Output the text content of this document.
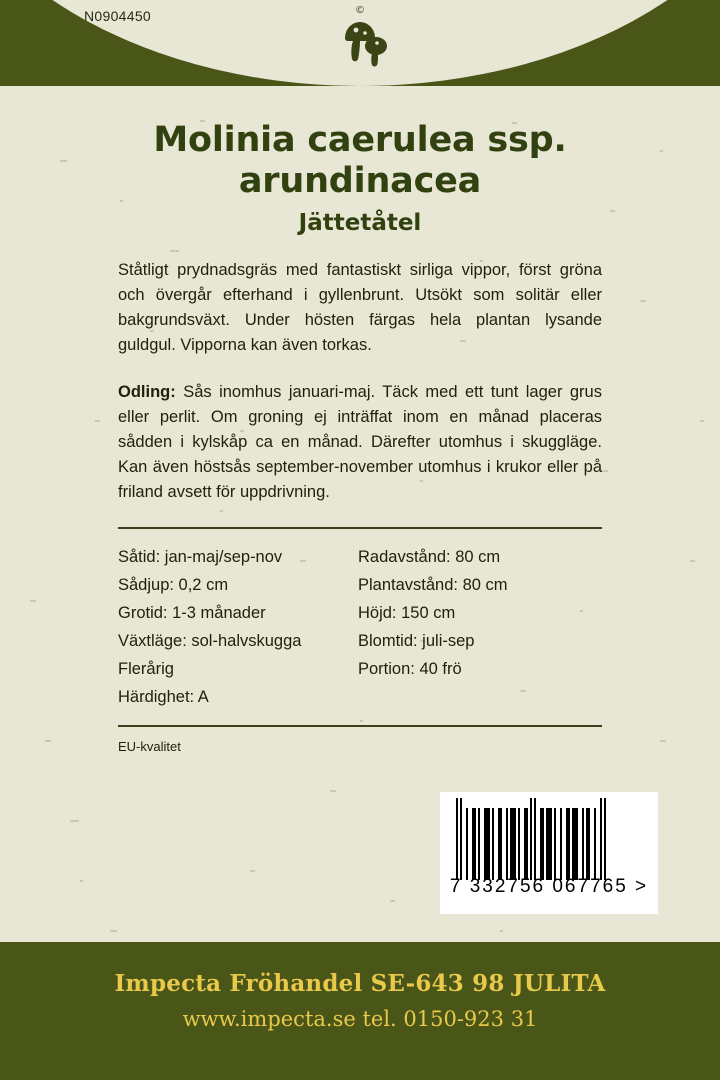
N0904450	©
Molinia caerulea ssp. arundinacea
Jättetåtel

Ståtligt prydnadsgräs med fantastiskt sirliga vippor, först gröna och övergår efterhand i gyllenbrunt. Utsökt som solitär eller bakgrundsväxt. Under hösten färgas hela plantan lysande guldgul. Vipporna kan även torkas.

Odling: Sås inomhus januari-maj. Täck med ett tunt lager grus eller perlit. Om groning ej inträffat inom en månad placeras sådden i kylskåp ca en månad. Därefter utomhus i skuggläge. Kan även höstsås september-november utomhus i krukor eller på friland avsett för uppdrivning.

Såtid: jan-maj/sep-nov
Sådjup: 0,2 cm
Grotid: 1-3 månader
Växtläge: sol-halvskugga
Flerårig
Härdighet: A
Radavstånd: 80 cm
Plantavstånd: 80 cm
Höjd: 150 cm
Blomtid: juli-sep
Portion: 40 frö
EU-kvalitet
7 332756 067765 >
Impecta Fröhandel SE-643 98 JULITA
www.impecta.se tel. 0150-923 31
